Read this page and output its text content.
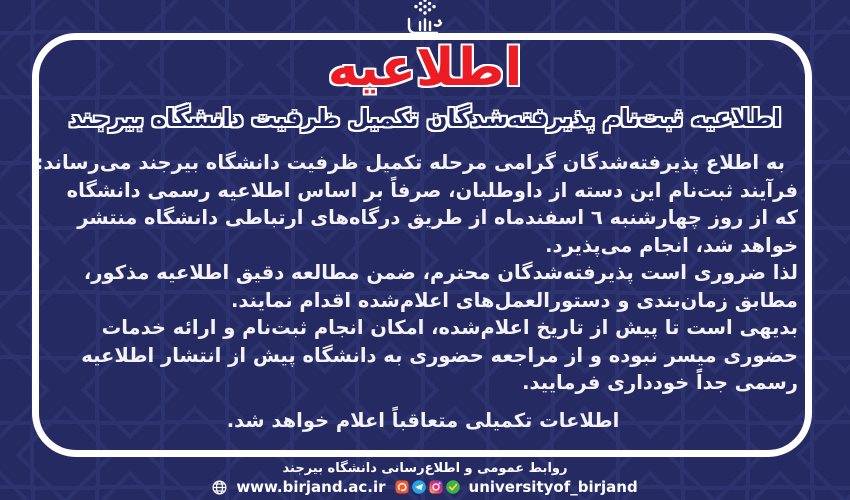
اطلاعیه
اطلاعیه ثبت‌نام پذیرفته‌شدگان تکمیل ظرفیت دانشگاه بیرجند
به اطلاع پذیرفته‌شدگان گرامی مرحله تکمیل ظرفیت دانشگاه بیرجند می‌رساند:
فرآیند ثبت‌نام این دسته از داوطلبان، صرفاً بر اساس اطلاعیه رسمی دانشگاه
که از روز چهارشنبه ٦ اسفندماه از طریق درگاه‌های ارتباطی دانشگاه منتشر
خواهد شد، انجام می‌پذیرد.
لذا ضروری است پذیرفته‌شدگان محترم، ضمن مطالعه دقیق اطلاعیه مذکور،
مطابق زمان‌بندی و دستورالعمل‌های اعلام‌شده اقدام نمایند.
بدیهی است تا پیش از تاریخ اعلام‌شده، امکان انجام ثبت‌نام و ارائه خدمات
حضوری میسر نبوده و از مراجعه حضوری به دانشگاه پیش از انتشار اطلاعیه
رسمی جداً خودداری فرمایید.
اطلاعات تکمیلی متعاقباً اعلام خواهد شد.
روابط عمومی و اطلاع‌رسانی دانشگاه بیرجند
www.birjand.ac.ir	universityof_birjand
